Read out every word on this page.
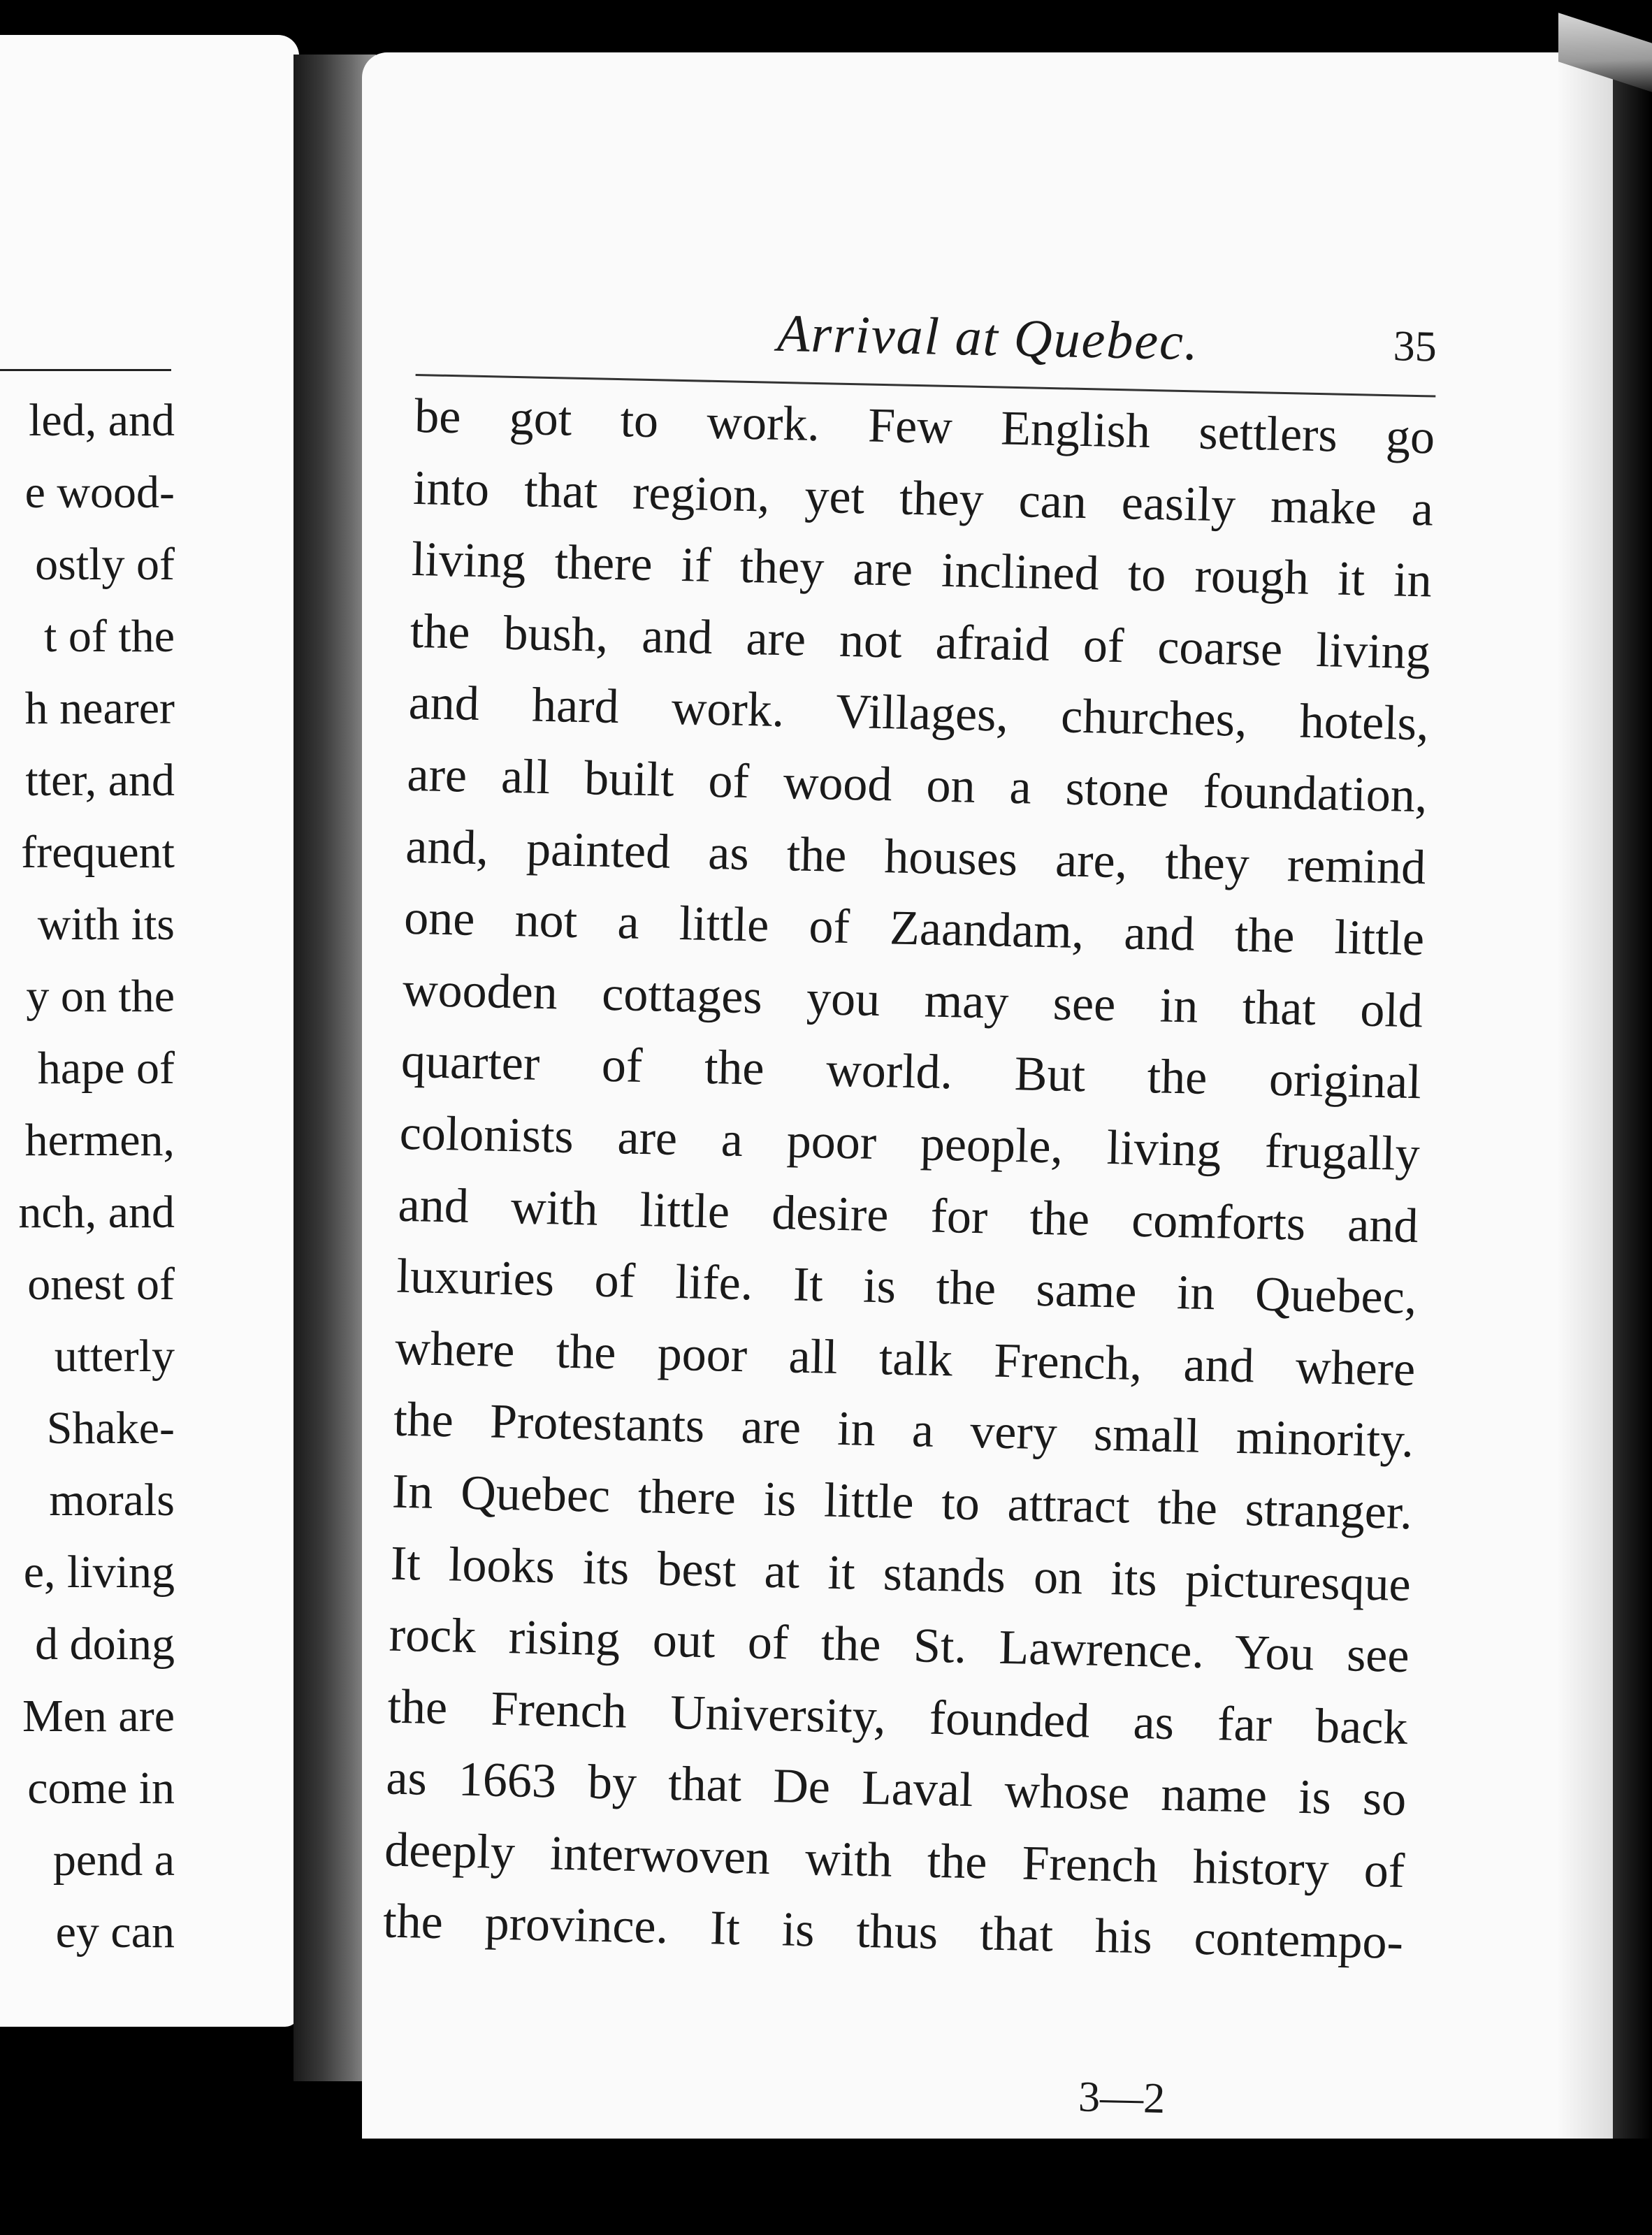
led, and
e wood-
ostly of
t of the
h nearer
tter, and
frequent
with its
y on the
hape of
hermen,
nch, and
onest of
utterly
Shake-
morals
e, living
d doing
Men are
come in
pend a
ey can
Arrival at Quebec.	35
be got to work. Few English settlers go
into that region, yet they can easily make a
living there if they are inclined to rough it in
the bush, and are not afraid of coarse living
and hard work. Villages, churches, hotels,
are all built of wood on a stone foundation,
and, painted as the houses are, they remind
one not a little of Zaandam, and the little
wooden cottages you may see in that old
quarter of the world. But the original
colonists are a poor people, living frugally
and with little desire for the comforts and
luxuries of life. It is the same in Quebec,
where the poor all talk French, and where
the Protestants are in a very small minority.
In Quebec there is little to attract the stranger.
It looks its best at it stands on its picturesque
rock rising out of the St. Lawrence. You see
the French University, founded as far back
as 1663 by that De Laval whose name is so
deeply interwoven with the French history of
the province. It is thus that his contempo-
3—2
